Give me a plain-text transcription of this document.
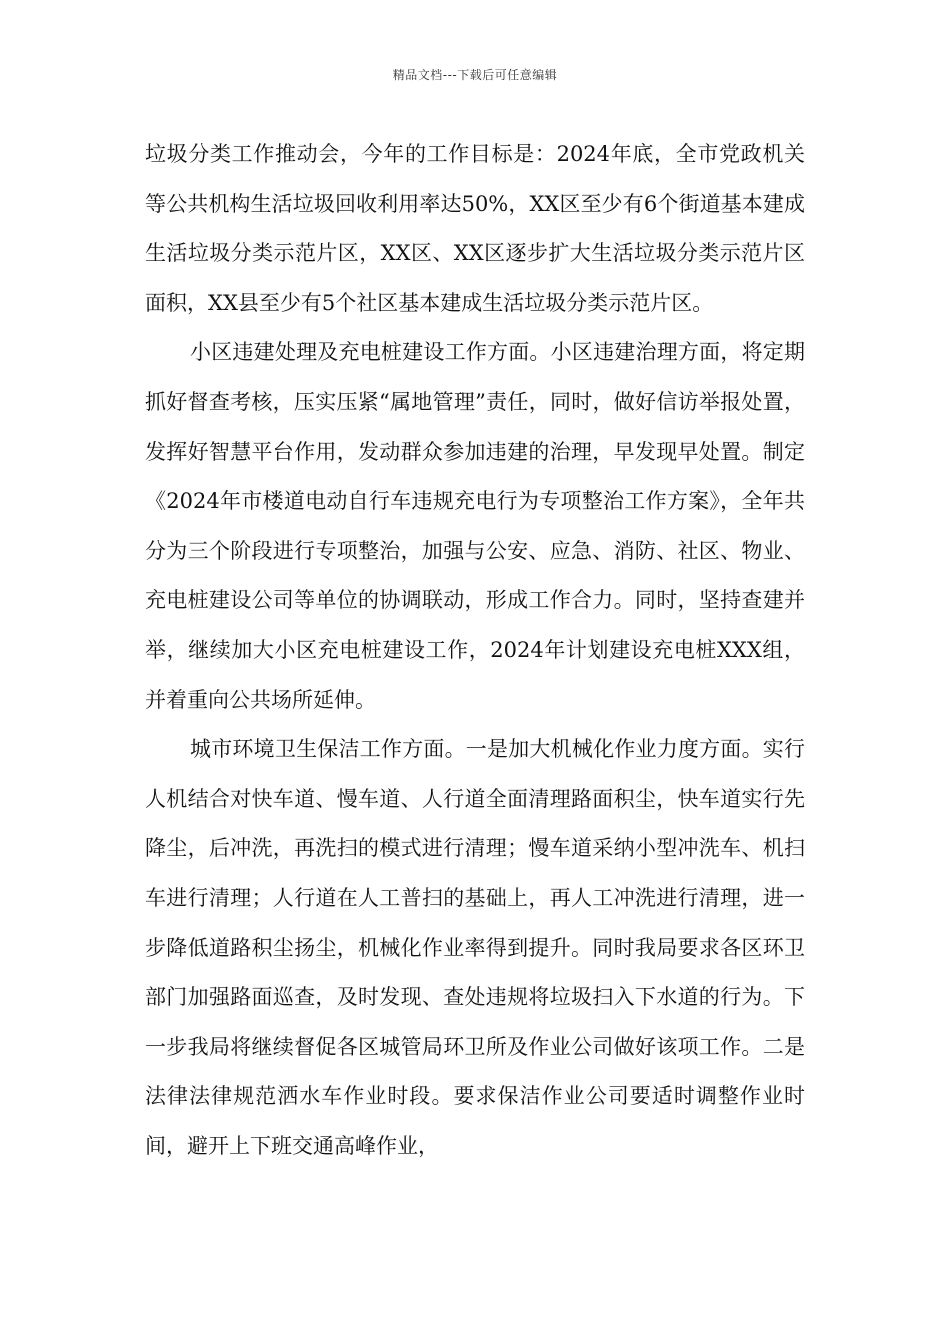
精品文档---下载后可任意编辑

垃圾分类工作推动会，今年的工作目标是：2024年底，全市党政机关等公共机构生活垃圾回收利用率达50%，XX区至少有6个街道基本建成生活垃圾分类示范片区，XX区、XX区逐步扩大生活垃圾分类示范片区面积，XX县至少有5个社区基本建成生活垃圾分类示范片区。

小区违建处理及充电桩建设工作方面。小区违建治理方面，将定期抓好督查考核，压实压紧“属地管理”责任，同时，做好信访举报处置，发挥好智慧平台作用，发动群众参加违建的治理，早发现早处置。制定《2024年市楼道电动自行车违规充电行为专项整治工作方案》，全年共分为三个阶段进行专项整治，加强与公安、应急、消防、社区、物业、充电桩建设公司等单位的协调联动，形成工作合力。同时，坚持查建并举，继续加大小区充电桩建设工作，2024年计划建设充电桩XXX组，并着重向公共场所延伸。

城市环境卫生保洁工作方面。一是加大机械化作业力度方面。实行人机结合对快车道、慢车道、人行道全面清理路面积尘，快车道实行先降尘，后冲洗，再洗扫的模式进行清理；慢车道采纳小型冲洗车、机扫车进行清理；人行道在人工普扫的基础上，再人工冲洗进行清理，进一步降低道路积尘扬尘，机械化作业率得到提升。同时我局要求各区环卫部门加强路面巡查，及时发现、查处违规将垃圾扫入下水道的行为。下一步我局将继续督促各区城管局环卫所及作业公司做好该项工作。二是法律法律规范洒水车作业时段。要求保洁作业公司要适时调整作业时间，避开上下班交通高峰作业，
